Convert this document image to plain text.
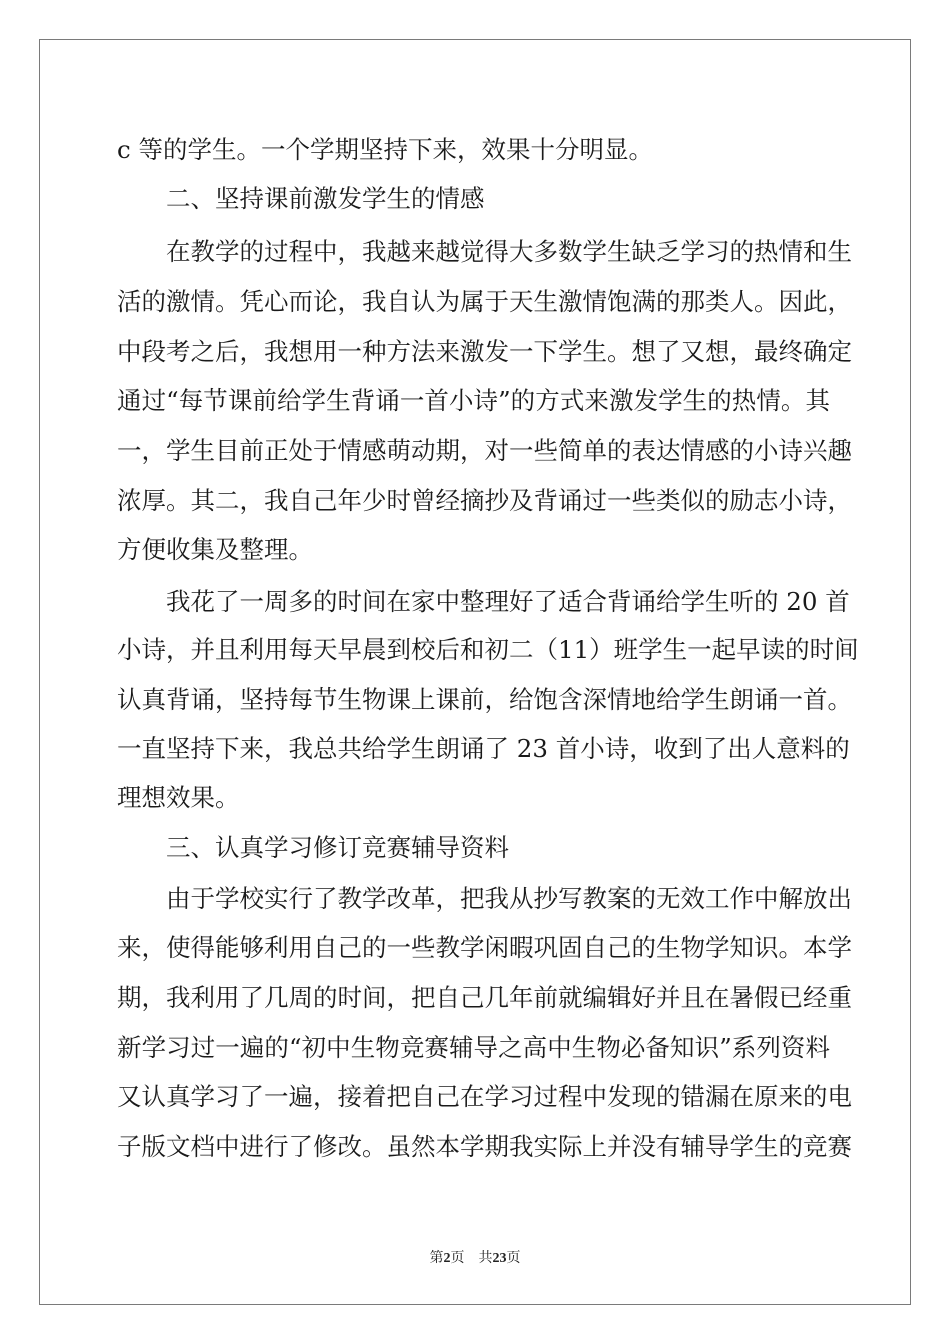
c 等的学生。一个学期坚持下来，效果十分明显。
二、坚持课前激发学生的情感
在教学的过程中，我越来越觉得大多数学生缺乏学习的热情和生
活的激情。凭心而论，我自认为属于天生激情饱满的那类人。因此，
中段考之后，我想用一种方法来激发一下学生。想了又想，最终确定
通过“每节课前给学生背诵一首小诗”的方式来激发学生的热情。其
一，学生目前正处于情感萌动期，对一些简单的表达情感的小诗兴趣
浓厚。其二，我自己年少时曾经摘抄及背诵过一些类似的励志小诗，
方便收集及整理。
我花了一周多的时间在家中整理好了适合背诵给学生听的 20 首
小诗，并且利用每天早晨到校后和初二（11）班学生一起早读的时间
认真背诵，坚持每节生物课上课前，给饱含深情地给学生朗诵一首。
一直坚持下来，我总共给学生朗诵了 23 首小诗，收到了出人意料的
理想效果。
三、认真学习修订竞赛辅导资料
由于学校实行了教学改革，把我从抄写教案的无效工作中解放出
来，使得能够利用自己的一些教学闲暇巩固自己的生物学知识。本学
期，我利用了几周的时间，把自己几年前就编辑好并且在暑假已经重
新学习过一遍的“初中生物竞赛辅导之高中生物必备知识”系列资料
又认真学习了一遍，接着把自己在学习过程中发现的错漏在原来的电
子版文档中进行了修改。虽然本学期我实际上并没有辅导学生的竞赛
第2页　共23页
